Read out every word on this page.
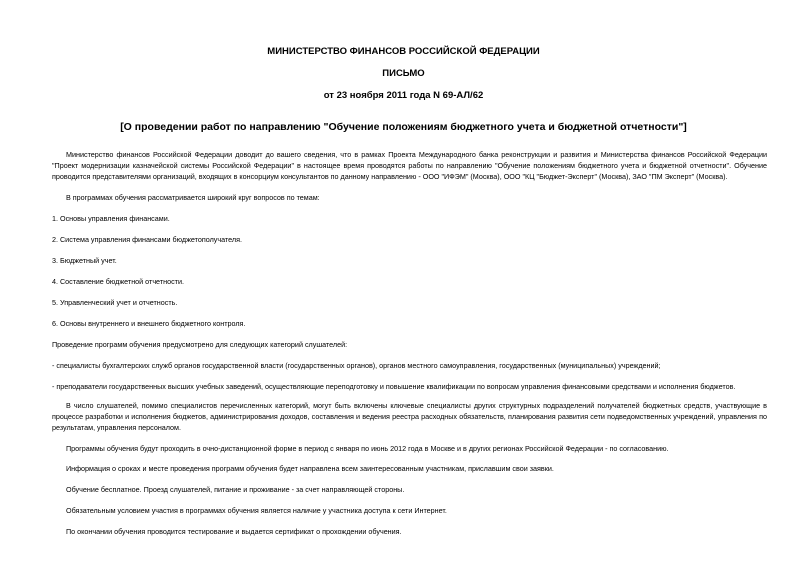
МИНИСТЕРСТВО ФИНАНСОВ РОССИЙСКОЙ ФЕДЕРАЦИИ
ПИСЬМО
от 23 ноября 2011 года N 69-АЛ/62
[О проведении работ по направлению "Обучение положениям бюджетного учета и бюджетной отчетности"]
Министерство финансов Российской Федерации доводит до вашего сведения, что в рамках Проекта Международного банка реконструкции и развития и Министерства финансов Российской Федерации "Проект модернизации казначейской системы Российской Федерации" в настоящее время проводятся работы по направлению "Обучение положениям бюджетного учета и бюджетной отчетности". Обучение проводится представителями организаций, входящих в консорциум консультантов по данному направлению - ООО "ИФЭМ" (Москва), ООО "КЦ "Бюджет-Эксперт" (Москва), ЗАО "ПМ Эксперт" (Москва).
В программах обучения рассматривается широкий круг вопросов по темам:
1. Основы управления финансами.
2. Система управления финансами бюджетополучателя.
3. Бюджетный учет.
4. Составление бюджетной отчетности.
5. Управленческий учет и отчетность.
6. Основы внутреннего и внешнего бюджетного контроля.
Проведение программ обучения предусмотрено для следующих категорий слушателей:
- специалисты бухгалтерских служб органов государственной власти (государственных органов), органов местного самоуправления, государственных (муниципальных) учреждений;
- преподаватели государственных высших учебных заведений, осуществляющие переподготовку и повышение квалификации по вопросам управления финансовыми средствами и исполнения бюджетов.
В число слушателей, помимо специалистов перечисленных категорий, могут быть включены ключевые специалисты других структурных подразделений получателей бюджетных средств, участвующие в процессе разработки и исполнения бюджетов, администрирования доходов, составления и ведения реестра расходных обязательств, планирования развития сети подведомственных учреждений, управления по результатам, управления персоналом.
Программы обучения будут проходить в очно-дистанционной форме в период с января по июнь 2012 года в Москве и в других регионах Российской Федерации - по согласованию.
Информация о сроках и месте проведения программ обучения будет направлена всем заинтересованным участникам, приславшим свои заявки.
Обучение бесплатное. Проезд слушателей, питание и проживание - за счет направляющей стороны.
Обязательным условием участия в программах обучения является наличие у участника доступа к сети Интернет.
По окончании обучения проводится тестирование и выдается сертификат о прохождении обучения.
